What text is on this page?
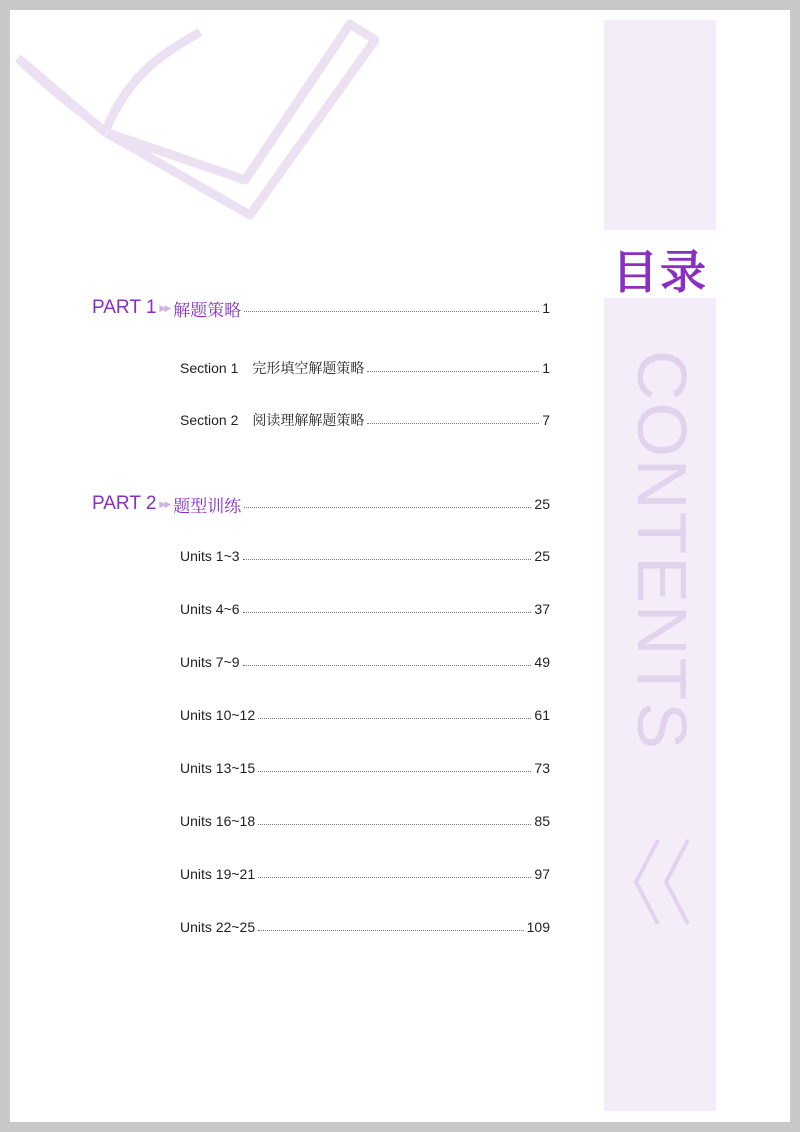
目录
CONTENTS
PART 1 ▶▶ 解题策略	1
Section 1 完形填空解题策略	1
Section 2 阅读理解解题策略	7
PART 2 ▶▶ 题型训练	25
Units 1~3	25
Units 4~6	37
Units 7~9	49
Units 10~12	61
Units 13~15	73
Units 16~18	85
Units 19~21	97
Units 22~25	109
